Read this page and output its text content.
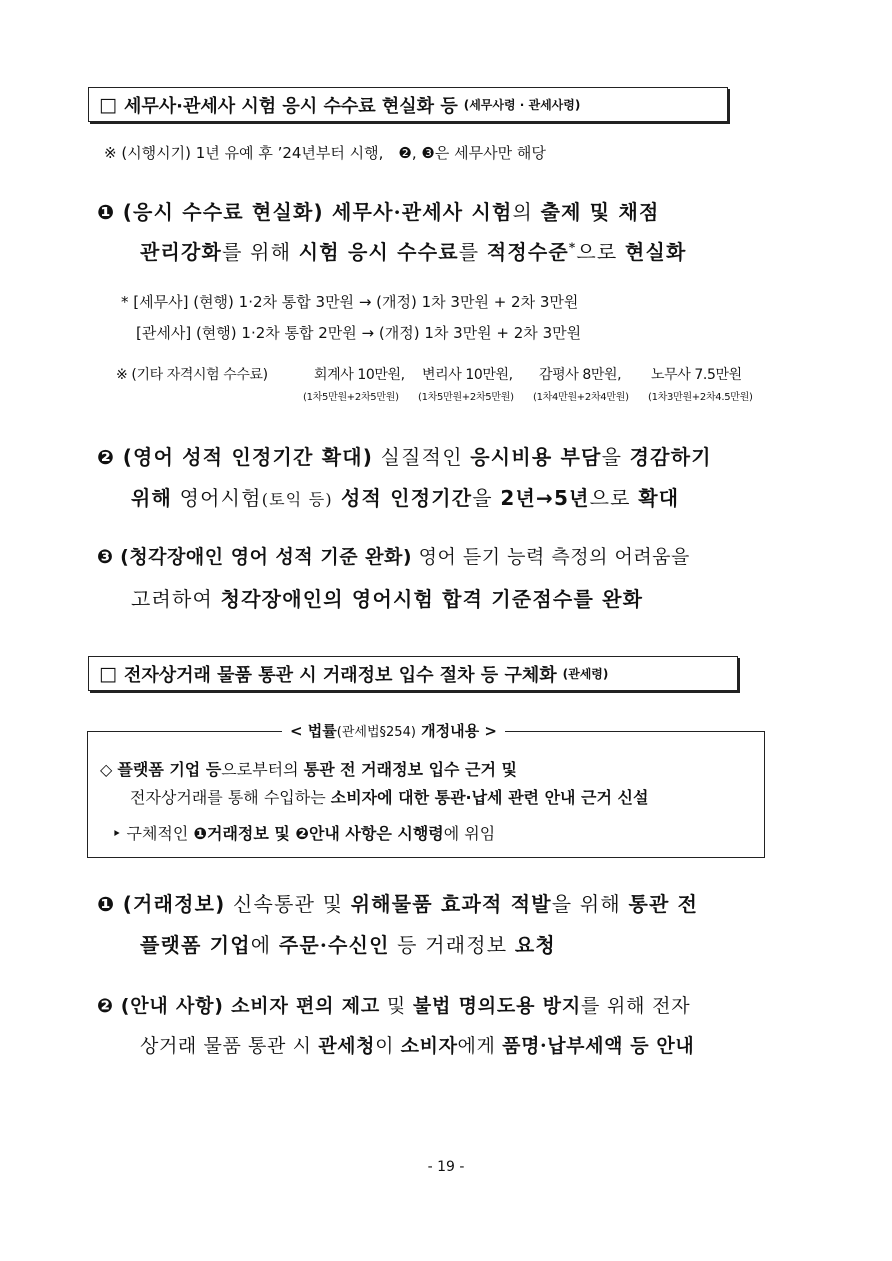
□ 세무사·관세사 시험 응시 수수료 현실화 등 (세무사령 · 관세사령)
※ (시행시기) 1년 유예 후 ’24년부터 시행,　❷, ❸은 세무사만 해당
❶ (응시 수수료 현실화) 세무사·관세사 시험의 출제 및 채점
관리강화를 위해 시험 응시 수수료를 적정수준*으로 현실화
* [세무사] (현행) 1·2차 통합 3만원 → (개정) 1차 3만원 + 2차 3만원
[관세사] (현행) 1·2차 통합 2만원 → (개정) 1차 3만원 + 2차 3만원
※ (기타 자격시험 수수료)	회계사 10만원, 변리사 10만원, 감평사 8만원, 노무사 7.5만원
(1차5만원+2차5만원) (1차5만원+2차5만원) (1차4만원+2차4만원) (1차3만원+2차4.5만원)
❷ (영어 성적 인정기간 확대) 실질적인 응시비용 부담을 경감하기
위해 영어시험(토익 등) 성적 인정기간을 2년→5년으로 확대
❸ (청각장애인 영어 성적 기준 완화) 영어 듣기 능력 측정의 어려움을
고려하여 청각장애인의 영어시험 합격 기준점수를 완화
□ 전자상거래 물품 통관 시 거래정보 입수 절차 등 구체화 (관세령)
< 법률(관세법§254) 개정내용 >
◇ 플랫폼 기업 등으로부터의 통관 전 거래정보 입수 근거 및
전자상거래를 통해 수입하는 소비자에 대한 통관·납세 관련 안내 근거 신설
‣ 구체적인 ❶거래정보 및 ❷안내 사항은 시행령에 위임
❶ (거래정보) 신속통관 및 위해물품 효과적 적발을 위해 통관 전
플랫폼 기업에 주문·수신인 등 거래정보 요청
❷ (안내 사항) 소비자 편의 제고 및 불법 명의도용 방지를 위해 전자
상거래 물품 통관 시 관세청이 소비자에게 품명·납부세액 등 안내
- 19 -
